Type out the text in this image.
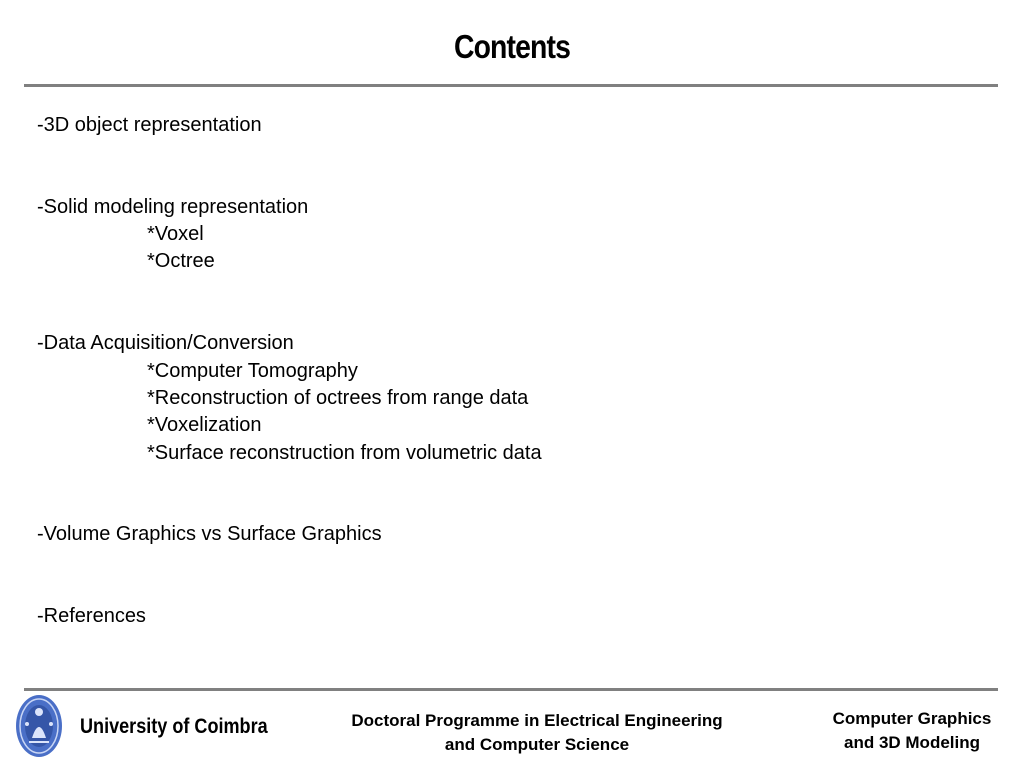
Contents
-3D object representation
-Solid modeling representation
*Voxel
*Octree
-Data Acquisition/Conversion
*Computer Tomography
*Reconstruction of octrees from range data
*Voxelization
*Surface reconstruction from volumetric data
-Volume Graphics vs Surface Graphics
-References
University of Coimbra	Doctoral Programme in Electrical Engineering
and Computer Science
Computer Graphics
and 3D Modeling
